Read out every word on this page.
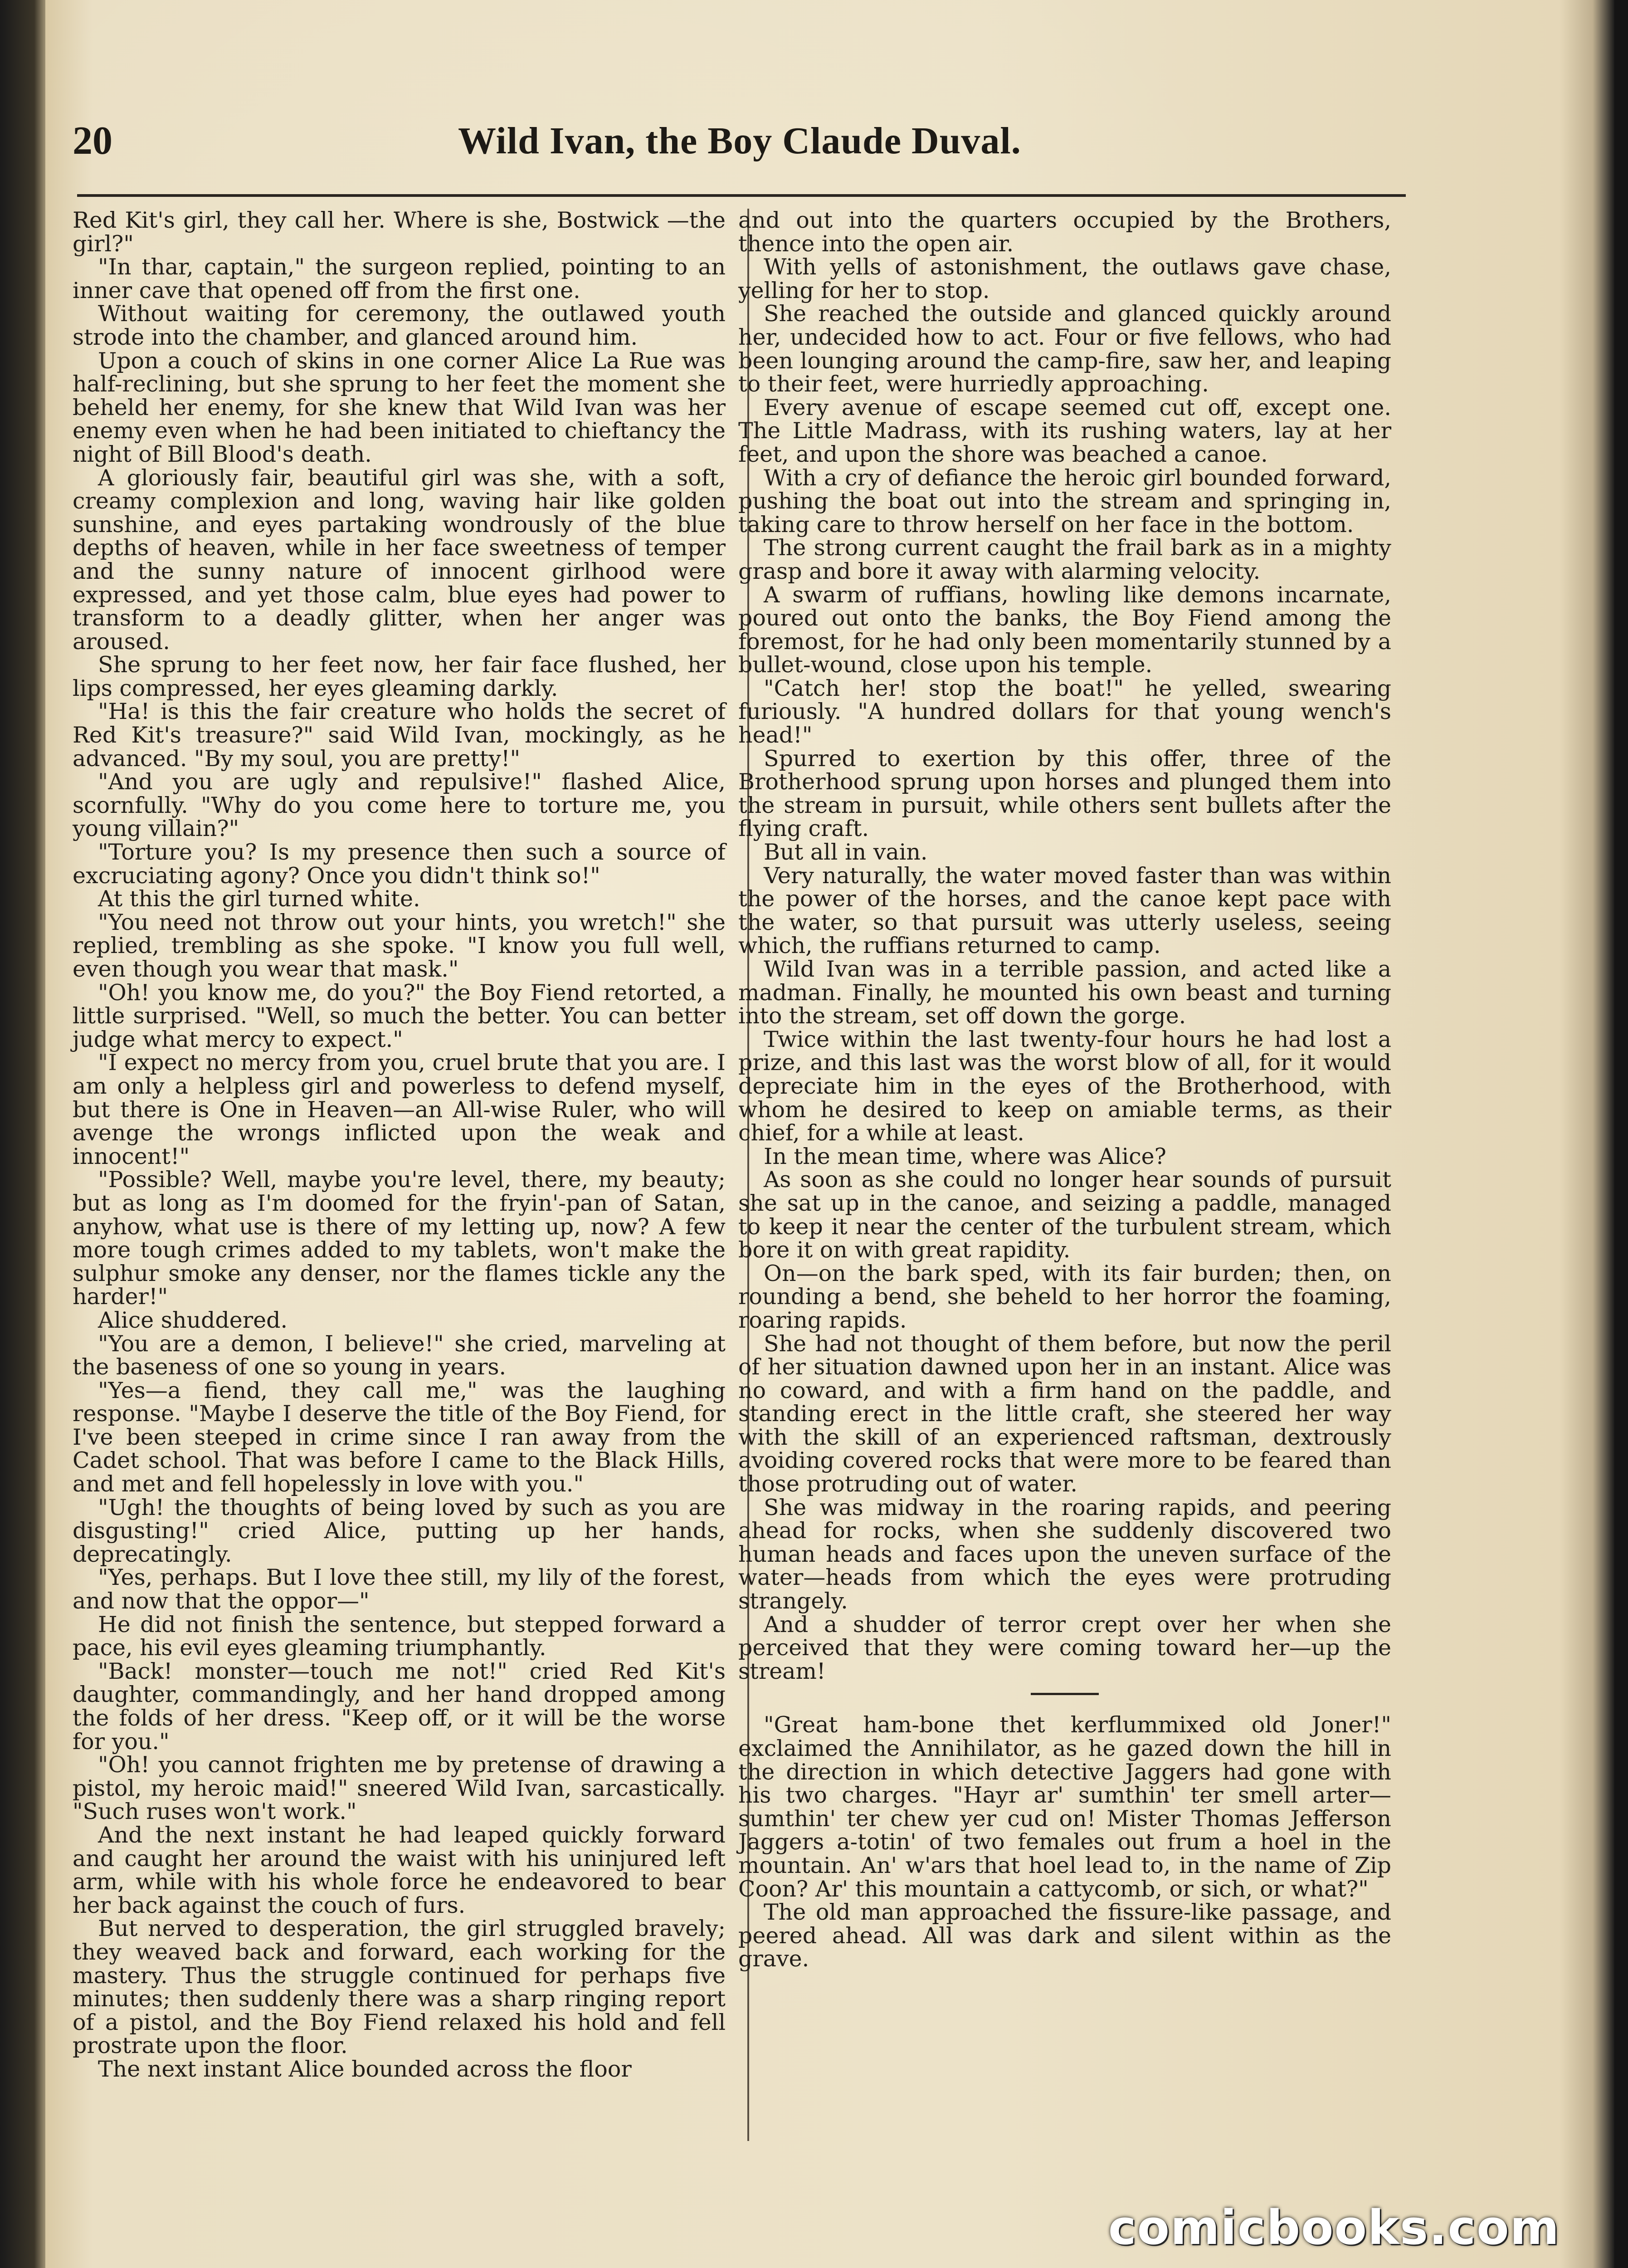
20	Wild Ivan, the Boy Claude Duval.

Red Kit's girl, they call her. Where is she, Bostwick —the girl?"

"In thar, captain," the surgeon replied, pointing to an inner cave that opened off from the first one.

Without waiting for ceremony, the outlawed youth strode into the chamber, and glanced around him.

Upon a couch of skins in one corner Alice La Rue was half-reclining, but she sprung to her feet the moment she beheld her enemy, for she knew that Wild Ivan was her enemy even when he had been initiated to chieftancy the night of Bill Blood's death.

A gloriously fair, beautiful girl was she, with a soft, creamy complexion and long, waving hair like golden sunshine, and eyes partaking wondrously of the blue depths of heaven, while in her face sweetness of temper and the sunny nature of innocent girlhood were expressed, and yet those calm, blue eyes had power to transform to a deadly glitter, when her anger was aroused.

She sprung to her feet now, her fair face flushed, her lips compressed, her eyes gleaming darkly.

"Ha! is this the fair creature who holds the secret of Red Kit's treasure?" said Wild Ivan, mockingly, as he advanced. "By my soul, you are pretty!"

"And you are ugly and repulsive!" flashed Alice, scornfully. "Why do you come here to torture me, you young villain?"

"Torture you? Is my presence then such a source of excruciating agony? Once you didn't think so!"

At this the girl turned white.

"You need not throw out your hints, you wretch!" she replied, trembling as she spoke. "I know you full well, even though you wear that mask."

"Oh! you know me, do you?" the Boy Fiend retorted, a little surprised. "Well, so much the better. You can better judge what mercy to expect."

"I expect no mercy from you, cruel brute that you are. I am only a helpless girl and powerless to defend myself, but there is One in Heaven—an All-wise Ruler, who will avenge the wrongs inflicted upon the weak and innocent!"

"Possible? Well, maybe you're level, there, my beauty; but as long as I'm doomed for the fryin'-pan of Satan, anyhow, what use is there of my letting up, now? A few more tough crimes added to my tablets, won't make the sulphur smoke any denser, nor the flames tickle any the harder!"

Alice shuddered.

"You are a demon, I believe!" she cried, marveling at the baseness of one so young in years.

"Yes—a fiend, they call me," was the laughing response. "Maybe I deserve the title of the Boy Fiend, for I've been steeped in crime since I ran away from the Cadet school. That was before I came to the Black Hills, and met and fell hopelessly in love with you."

"Ugh! the thoughts of being loved by such as you are disgusting!" cried Alice, putting up her hands, deprecatingly.

"Yes, perhaps. But I love thee still, my lily of the forest, and now that the oppor—"

He did not finish the sentence, but stepped forward a pace, his evil eyes gleaming triumphantly.

"Back! monster—touch me not!" cried Red Kit's daughter, commandingly, and her hand dropped among the folds of her dress. "Keep off, or it will be the worse for you."

"Oh! you cannot frighten me by pretense of drawing a pistol, my heroic maid!" sneered Wild Ivan, sarcastically. "Such ruses won't work."

And the next instant he had leaped quickly forward and caught her around the waist with his uninjured left arm, while with his whole force he endeavored to bear her back against the couch of furs.

But nerved to desperation, the girl struggled bravely; they weaved back and forward, each working for the mastery. Thus the struggle continued for perhaps five minutes; then suddenly there was a sharp ringing report of a pistol, and the Boy Fiend relaxed his hold and fell prostrate upon the floor.

The next instant Alice bounded across the floor

and out into the quarters occupied by the Brothers, thence into the open air.

With yells of astonishment, the outlaws gave chase, yelling for her to stop.

She reached the outside and glanced quickly around her, undecided how to act. Four or five fellows, who had been lounging around the camp-fire, saw her, and leaping to their feet, were hurriedly approaching.

Every avenue of escape seemed cut off, except one. The Little Madrass, with its rushing waters, lay at her feet, and upon the shore was beached a canoe.

With a cry of defiance the heroic girl bounded forward, pushing the boat out into the stream and springing in, taking care to throw herself on her face in the bottom.

The strong current caught the frail bark as in a mighty grasp and bore it away with alarming velocity.

A swarm of ruffians, howling like demons incarnate, poured out onto the banks, the Boy Fiend among the foremost, for he had only been momentarily stunned by a bullet-wound, close upon his temple.

"Catch her! stop the boat!" he yelled, swearing furiously. "A hundred dollars for that young wench's head!"

Spurred to exertion by this offer, three of the Brotherhood sprung upon horses and plunged them into the stream in pursuit, while others sent bullets after the flying craft.

But all in vain.

Very naturally, the water moved faster than was within the power of the horses, and the canoe kept pace with the water, so that pursuit was utterly useless, seeing which, the ruffians returned to camp.

Wild Ivan was in a terrible passion, and acted like a madman. Finally, he mounted his own beast and turning into the stream, set off down the gorge.

Twice within the last twenty-four hours he had lost a prize, and this last was the worst blow of all, for it would depreciate him in the eyes of the Brotherhood, with whom he desired to keep on amiable terms, as their chief, for a while at least.

In the mean time, where was Alice?

As soon as she could no longer hear sounds of pursuit she sat up in the canoe, and seizing a paddle, managed to keep it near the center of the turbulent stream, which bore it on with great rapidity.

On—on the bark sped, with its fair burden; then, on rounding a bend, she beheld to her horror the foaming, roaring rapids.

She had not thought of them before, but now the peril of her situation dawned upon her in an instant. Alice was no coward, and with a firm hand on the paddle, and standing erect in the little craft, she steered her way with the skill of an experienced raftsman, dextrously avoiding covered rocks that were more to be feared than those protruding out of water.

She was midway in the roaring rapids, and peering ahead for rocks, when she suddenly discovered two human heads and faces upon the uneven surface of the water—heads from which the eyes were protruding strangely.

And a shudder of terror crept over her when she perceived that they were coming toward her—up the stream!

"Great ham-bone thet kerflummixed old Joner!" exclaimed the Annihilator, as he gazed down the hill in the direction in which detective Jaggers had gone with his two charges. "Hayr ar' sumthin' ter smell arter—sumthin' ter chew yer cud on! Mister Thomas Jefferson Jaggers a-totin' of two females out frum a hoel in the mountain. An' w'ars that hoel lead to, in the name of Zip Coon? Ar' this mountain a cattycomb, or sich, or what?"

The old man approached the fissure-like passage, and peered ahead. All was dark and silent within as the grave.

comicbooks.com
